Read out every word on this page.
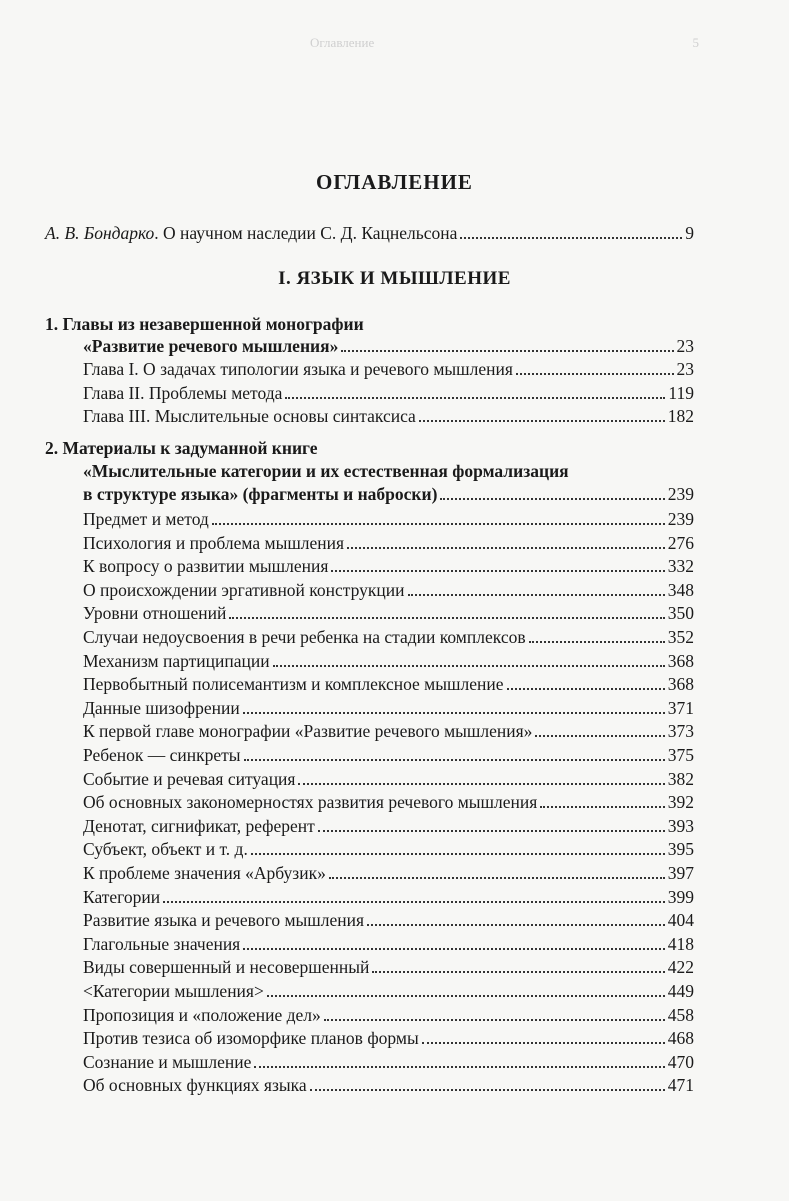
Оглавление	5
ОГЛАВЛЕНИЕ
А. В. Бондарко. О научном наследии С. Д. Кацнельсона	9
I. ЯЗЫК И МЫШЛЕНИЕ
1. Главы из незавершенной монографии
«Развитие речевого мышления»	23
Глава I. О задачах типологии языка и речевого мышления	23
Глава II. Проблемы метода	119
Глава III. Мыслительные основы синтаксиса	182
2. Материалы к задуманной книге
«Мыслительные категории и их естественная формализация
в структуре языка» (фрагменты и наброски)	239
Предмет и метод	239
Психология и проблема мышления	276
К вопросу о развитии мышления	332
О происхождении эргативной конструкции	348
Уровни отношений	350
Случаи недоусвоения в речи ребенка на стадии комплексов	352
Механизм партиципации	368
Первобытный полисемантизм и комплексное мышление	368
Данные шизофрении	371
К первой главе монографии «Развитие речевого мышления»	373
Ребенок — синкреты	375
Событие и речевая ситуация	382
Об основных закономерностях развития речевого мышления	392
Денотат, сигнификат, референт	393
Субъект, объект и т. д.	395
К проблеме значения «Арбузик»	397
Категории	399
Развитие языка и речевого мышления	404
Глагольные значения	418
Виды совершенный и несовершенный	422
<Категории мышления>	449
Пропозиция и «положение дел»	458
Против тезиса об изоморфике планов формы	468
Сознание и мышление	470
Об основных функциях языка	471
